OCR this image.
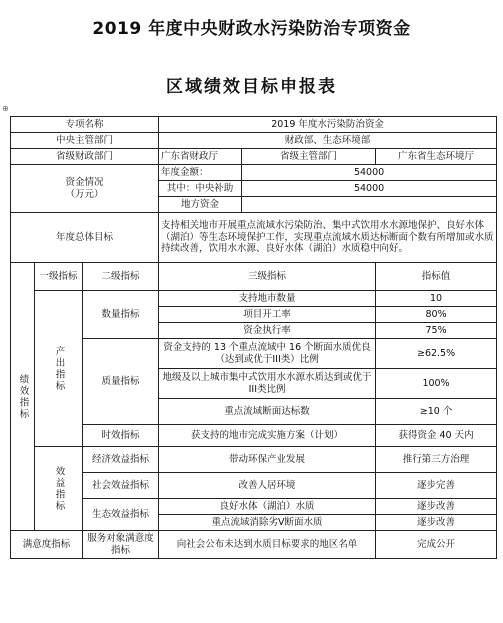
2019 年度中央财政水污染防治专项资金
区域绩效目标申报表
⊕
专项名称			2019 年度水污染防治资金		
中央主管部门			财政部、生态环境部		
省级财政部门			广东省财政厅	省级主管部门	广东省生态环境厅

资金情况
（万元）			年度金额：	54000	
			其中：中央补助	54000	
			地方资金		
年度总体目标			支持相关地市开展重点流域水污染防治、集中式饮用水水源地保护、良好水体（湖泊）等生态环境保护工作，实现重点流域水质达标断面个数有所增加或水质持续改善，饮用水水源、良好水体（湖泊）水质稳中向好。		

绩效指标	一级指标	二级指标	三级指标		指标值

	产出指标	数量指标	支持地市数量		10
			项目开工率		80%
			资金执行率		75%
		质量指标	资金支持的 13 个重点流域中 16 个断面水质优良（达到或优于III类）比例		≥62.5%
			地级及以上城市集中式饮用水水源水质达到或优于III类比例		100%
			重点流域断面达标数		≥10 个
		时效指标	获支持的地市完成实施方案（计划）		获得资金 40 天内

	效益指标	经济效益指标	带动环保产业发展		推行第三方治理
		社会效益指标	改善人居环境		逐步完善
		生态效益指标	良好水体（湖泊）水质		逐步改善
			重点流域消除劣V断面水质		逐步改善
满意度指标		服务对象满意度指标	向社会公布未达到水质目标要求的地区名单		完成公开
